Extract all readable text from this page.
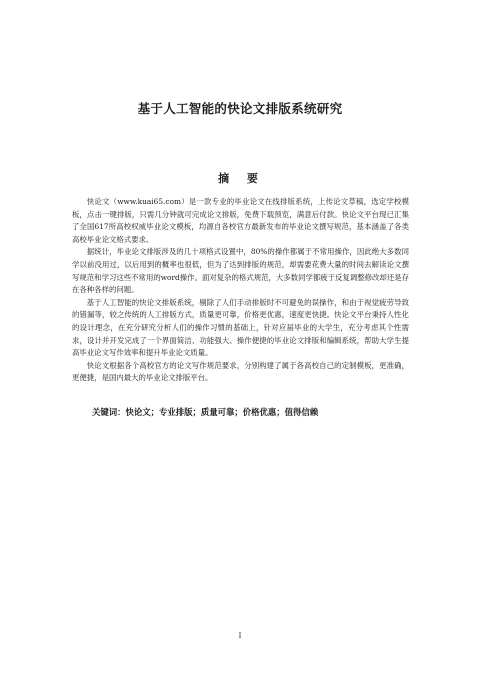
基于人工智能的快论文排版系统研究
摘 要

快论文（www.kuai65.com）是一款专业的毕业论文在线排版系统，上传论文草稿，选定学校模板，点击一键排版，只需几分钟就可完成论文排版，免费下载预览，满意后付款。快论文平台现已汇集了全国617所高校权威毕业论文模板，均源自各校官方最新发布的毕业论文撰写规范，基本涵盖了各类高校毕业论文格式要求。

据统计，毕业论文排版涉及的几十项格式设置中，80%的操作都属于不常用操作，因此绝大多数同学以前没用过，以后用到的概率也很低，但为了达到排版的规范，却需要花费大量的时间去解读论文撰写规范和学习这些不常用的word操作。面对复杂的格式规范，大多数同学都疲于反复调整修改却还是存在各种各样的问题。

基于人工智能的快论文排版系统，剔除了人们手动排版时不可避免的误操作，和由于视觉疲劳导致的错漏等，较之传统的人工排版方式，质量更可靠，价格更优惠，速度更快捷。快论文平台秉持人性化的设计理念，在充分研究分析人们的操作习惯的基础上，针对应届毕业的大学生，充分考虑其个性需求，设计并开发完成了一个界面简洁、功能强大、操作便捷的毕业论文排版和编辑系统，帮助大学生提高毕业论文写作效率和提升毕业论文质量。

快论文根据各个高校官方的论文写作规范要求，分别构建了属于各高校自己的定制模板，更准确，更便捷，是国内最大的毕业论文排版平台。

关键词：快论文；专业排版；质量可靠；价格优惠；值得信赖
I
